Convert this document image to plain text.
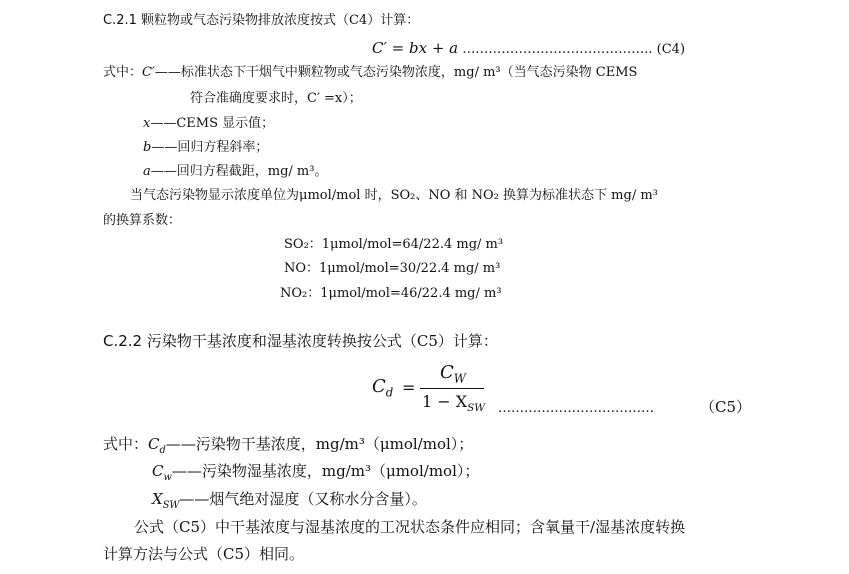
C.2.1 颗粒物或气态污染物排放浓度按式（C4）计算：
C′ = bx + a …………………………………….. (C4)
式中：C′——标准状态下干烟气中颗粒物或气态污染物浓度，mg/ m³（当气态污染物 CEMS
符合准确度要求时，C′ =x）；
x——CEMS 显示值；
b——回归方程斜率；
a——回归方程截距，mg/ m³。
当气态污染物显示浓度单位为μmol/mol 时，SO₂、NO 和 NO₂ 换算为标准状态下 mg/ m³
的换算系数：
SO₂：1μmol/mol=64/22.4 mg/ m³
NO：1μmol/mol=30/22.4 mg/ m³
NO₂：1μmol/mol=46/22.4 mg/ m³
C.2.2 污染物干基浓度和湿基浓度转换按公式（C5）计算：
$C_d$ =
$C_W$
$1 - X_{SW}$ ………………………………	（C5）
式中：$C_d——$污染物干基浓度，mg/m³（μmol/mol）；
$C_w——$污染物湿基浓度，mg/m³（μmol/mol）；
$X_{SW}——$烟气绝对湿度（又称水分含量）。
公式（C5）中干基浓度与湿基浓度的工况状态条件应相同；含氧量干/湿基浓度转换
计算方法与公式（C5）相同。
